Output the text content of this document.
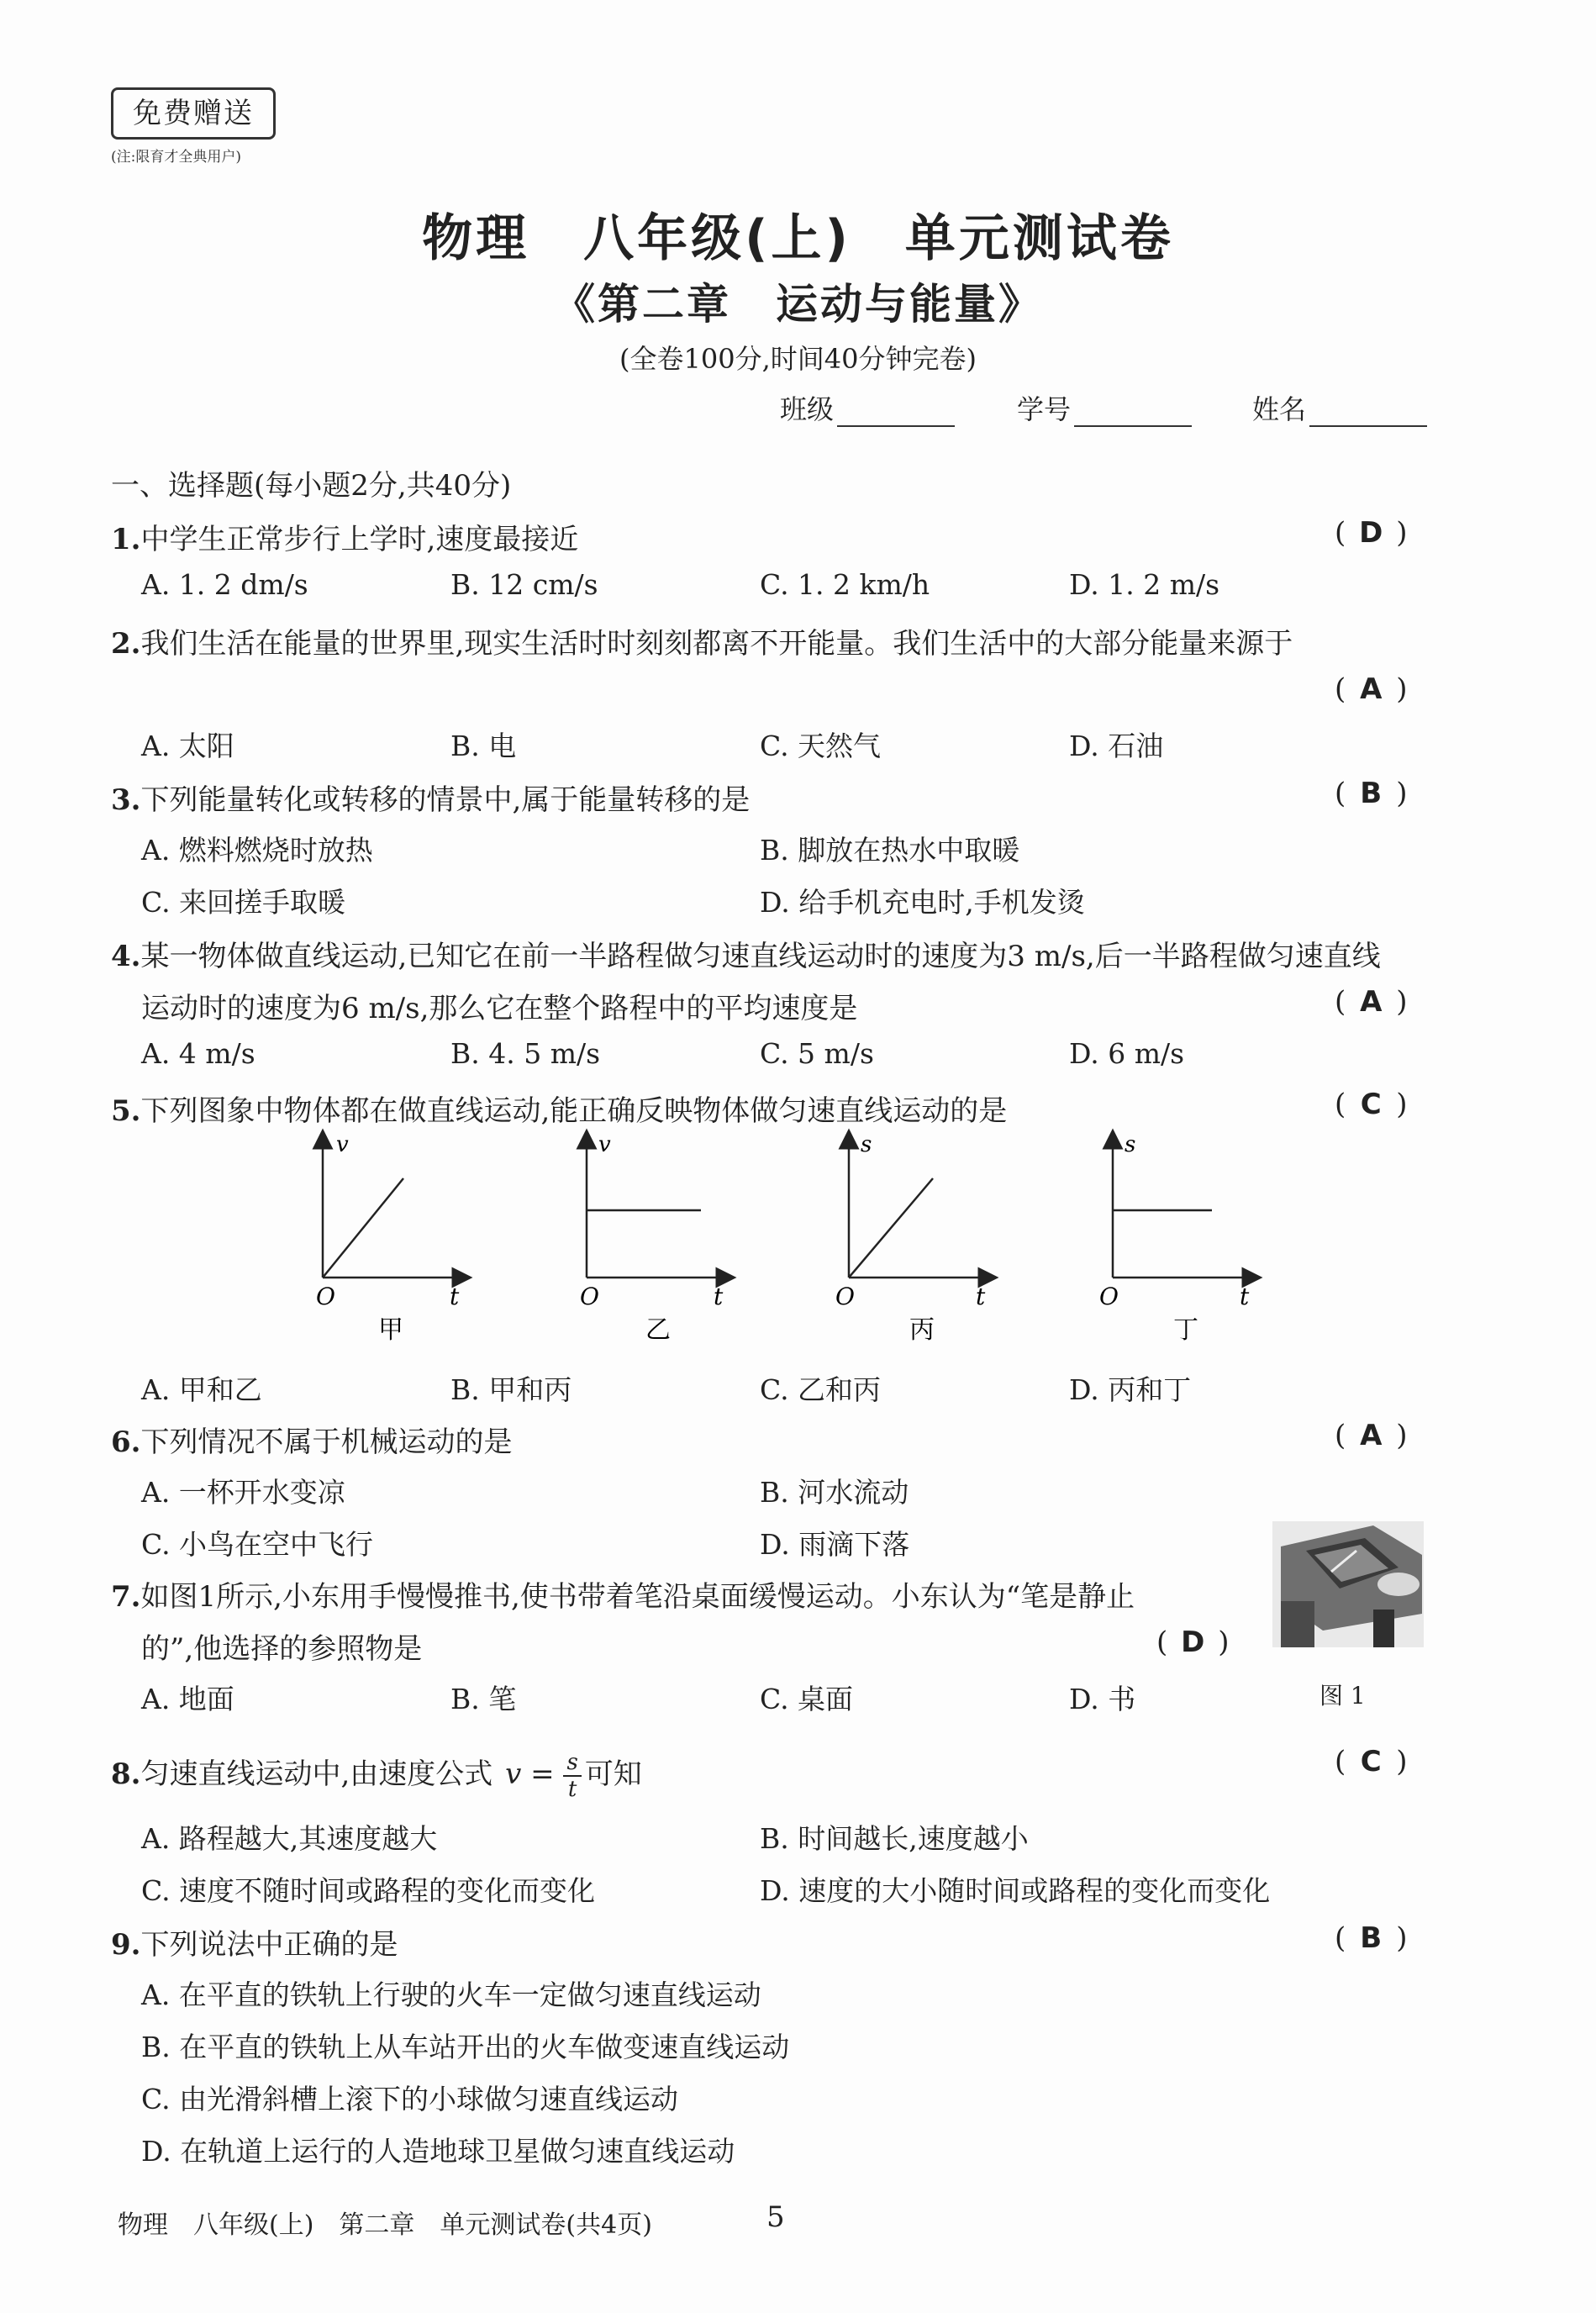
免费赠送
(注:限育才全典用户)
物理　八年级(上)　单元测试卷
《第二章　运动与能量》
(全卷100分,时间40分钟完卷)
班级	学号	姓名
一、选择题(每小题2分,共40分)
1.中学生正常步行上学时,速度最接近	( D )
A. 1. 2 dm/s	B. 12 cm/s	C. 1. 2 km/h	D. 1. 2 m/s
2.我们生活在能量的世界里,现实生活时时刻刻都离不开能量。我们生活中的大部分能量来源于
( A )
A. 太阳	B. 电	C. 天然气	D. 石油
3.下列能量转化或转移的情景中,属于能量转移的是	( B )
A. 燃料燃烧时放热	B. 脚放在热水中取暖
C. 来回搓手取暖	D. 给手机充电时,手机发烫
4.某一物体做直线运动,已知它在前一半路程做匀速直线运动时的速度为3 m/s,后一半路程做匀速直线
运动时的速度为6 m/s,那么它在整个路程中的平均速度是	( A )
A. 4 m/s	B. 4. 5 m/s	C. 5 m/s	D. 6 m/s
5.下列图象中物体都在做直线运动,能正确反映物体做匀速直线运动的是	( C )
v
O	t
甲
v
O	t
乙
s
O	t
丙
s
O	t
丁
A. 甲和乙	B. 甲和丙	C. 乙和丙	D. 丙和丁
6.下列情况不属于机械运动的是	( A )
A. 一杯开水变凉	B. 河水流动
C. 小鸟在空中飞行	D. 雨滴下落
图 1
7.如图1所示,小东用手慢慢推书,使书带着笔沿桌面缓慢运动。小东认为“笔是静止
的”,他选择的参照物是	( D )
A. 地面	B. 笔	C. 桌面	D. 书
8.匀速直线运动中,由速度公式 $v = \frac{s}{t}$ 可知	( C )
A. 路程越大,其速度越大	B. 时间越长,速度越小
C. 速度不随时间或路程的变化而变化	D. 速度的大小随时间或路程的变化而变化
9.下列说法中正确的是	( B )
A. 在平直的铁轨上行驶的火车一定做匀速直线运动
B. 在平直的铁轨上从车站开出的火车做变速直线运动
C. 由光滑斜槽上滚下的小球做匀速直线运动
D. 在轨道上运行的人造地球卫星做匀速直线运动
物理　八年级(上)　第二章　单元测试卷(共4页)	5
